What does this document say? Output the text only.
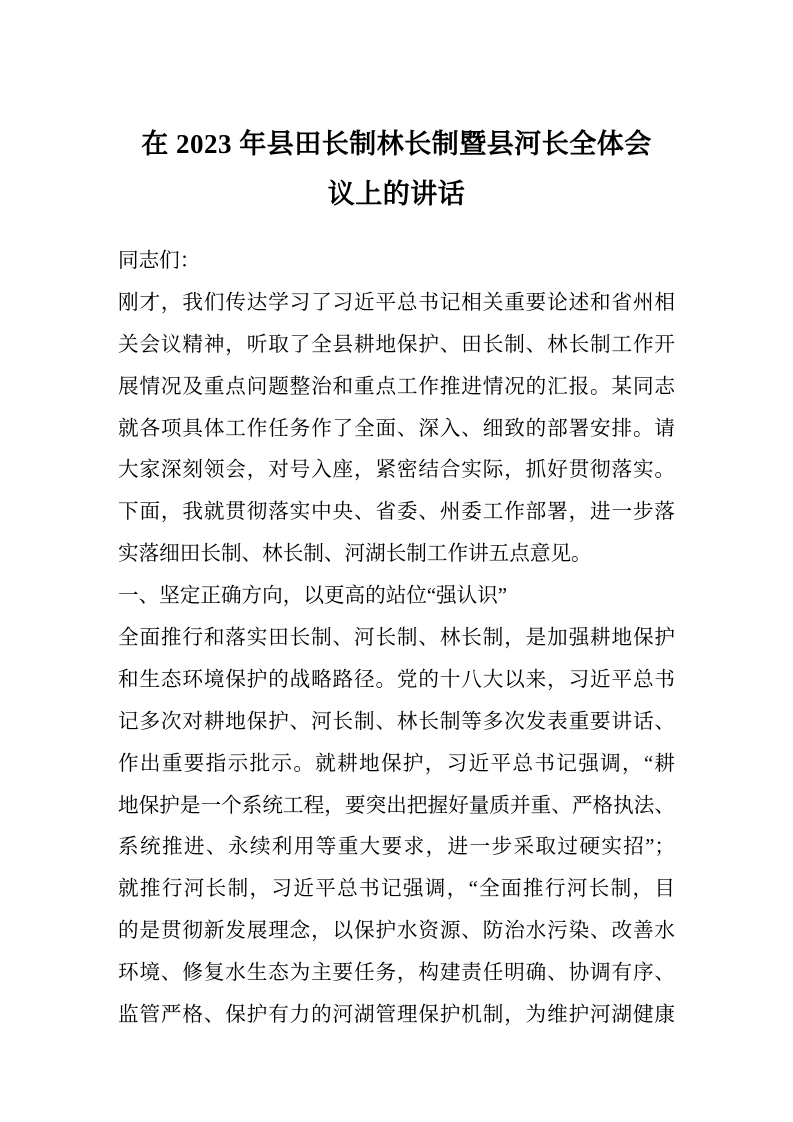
在 2023 年县田长制林长制暨县河长全体会
议上的讲话
同志们：
刚才，我们传达学习了习近平总书记相关重要论述和省州相
关会议精神，听取了全县耕地保护、田长制、林长制工作开
展情况及重点问题整治和重点工作推进情况的汇报。某同志
就各项具体工作任务作了全面、深入、细致的部署安排。请
大家深刻领会，对号入座，紧密结合实际，抓好贯彻落实。
下面，我就贯彻落实中央、省委、州委工作部署，进一步落
实落细田长制、林长制、河湖长制工作讲五点意见。
一、坚定正确方向，以更高的站位“强认识”
全面推行和落实田长制、河长制、林长制，是加强耕地保护
和生态环境保护的战略路径。党的十八大以来，习近平总书
记多次对耕地保护、河长制、林长制等多次发表重要讲话、
作出重要指示批示。就耕地保护，习近平总书记强调，“耕
地保护是一个系统工程，要突出把握好量质并重、严格执法、
系统推进、永续利用等重大要求，进一步采取过硬实招”；
就推行河长制，习近平总书记强调，“全面推行河长制，目
的是贯彻新发展理念，以保护水资源、防治水污染、改善水
环境、修复水生态为主要任务，构建责任明确、协调有序、
监管严格、保护有力的河湖管理保护机制，为维护河湖健康
